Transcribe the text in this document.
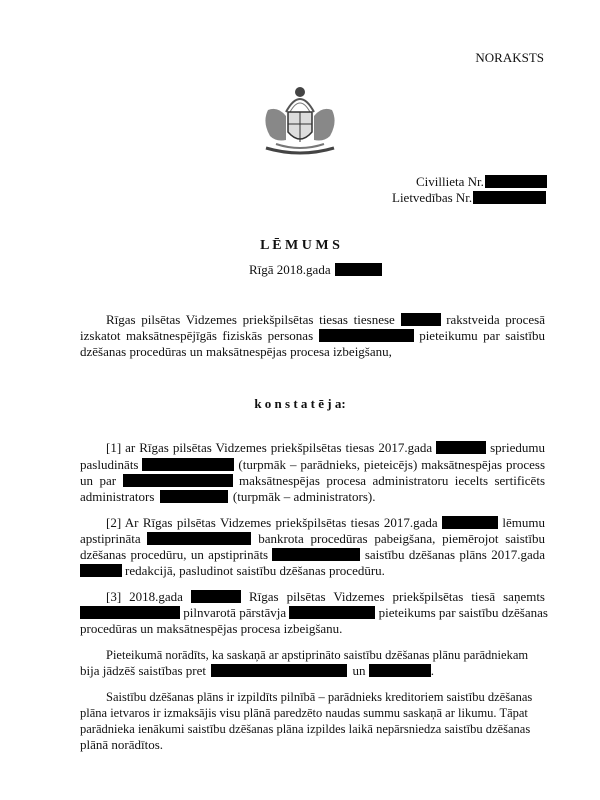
NORAKSTS
Civillieta Nr.
Lietvedības Nr.
L Ē M U M S
Rīgā 2018.gada
Rīgas pilsētas Vidzemes priekšpilsētas tiesas tiesnese	rakstveida procesā
izskatot maksātnespējīgās fiziskās personas	pieteikumu par saistību
dzēšanas procedūras un maksātnespējas procesa izbeigšanu,
k o n s t a t ē j a:
[1] ar Rīgas pilsētas Vidzemes priekšpilsētas tiesas 2017.gada	spriedumu
pasludināts	(turpmāk – parādnieks, pieteicējs) maksātnespējas process
un par	maksātnespējas procesa administratoru iecelts sertificēts
administrators	(turpmāk – administrators).
[2] Ar Rīgas pilsētas Vidzemes priekšpilsētas tiesas 2017.gada	lēmumu
apstiprināta	bankrota procedūras pabeigšana, piemērojot saistību
dzēšanas procedūru, un apstiprināts	saistību dzēšanas plāns 2017.gada
redakcijā, pasludinot saistību dzēšanas procedūru.
[3] 2018.gada	Rīgas pilsētas Vidzemes priekšpilsētas tiesā saņemts
pilnvarotā pārstāvja	pieteikums par saistību dzēšanas
procedūras un maksātnespējas procesa izbeigšanu.
Pieteikumā norādīts, ka saskaņā ar apstiprināto saistību dzēšanas plānu parādniekam
bija jādzēš saistības pret	un	.
Saistību dzēšanas plāns ir izpildīts pilnībā – parādnieks kreditoriem saistību dzēšanas
plāna ietvaros ir izmaksājis visu plānā paredzēto naudas summu saskaņā ar likumu. Tāpat
parādnieka ienākumi saistību dzēšanas plāna izpildes laikā nepārsniedza saistību dzēšanas
plānā norādītos.
